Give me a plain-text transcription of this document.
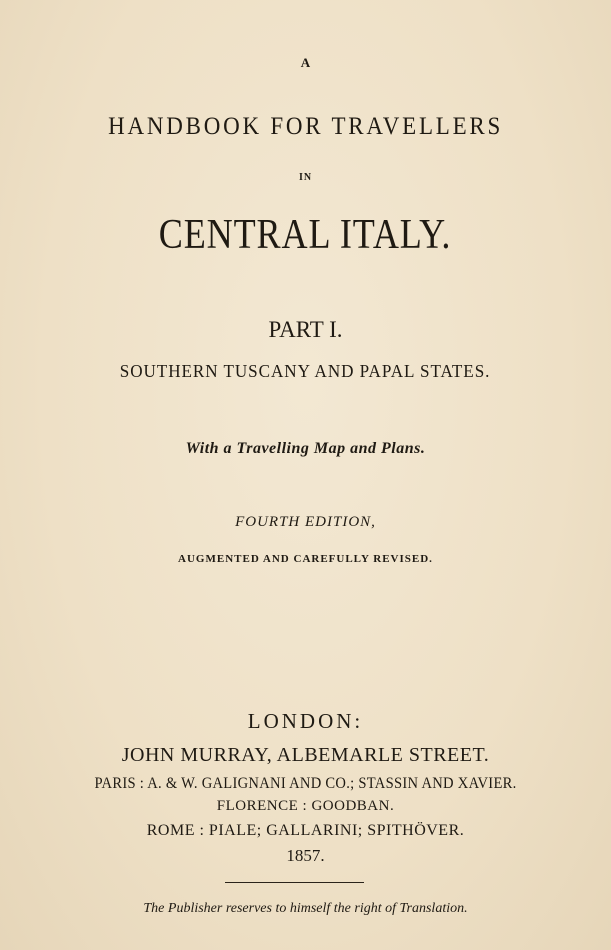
A
HANDBOOK FOR TRAVELLERS
IN
CENTRAL ITALY.
PART I.
SOUTHERN TUSCANY AND PAPAL STATES.
With a Travelling Map and Plans.
FOURTH EDITION,
AUGMENTED AND CAREFULLY REVISED.
LONDON:
JOHN MURRAY, ALBEMARLE STREET.
PARIS : A. & W. GALIGNANI AND CO.; STASSIN AND XAVIER.
FLORENCE : GOODBAN.
ROME : PIALE; GALLARINI; SPITHÖVER.
1857.
The Publisher reserves to himself the right of Translation.
